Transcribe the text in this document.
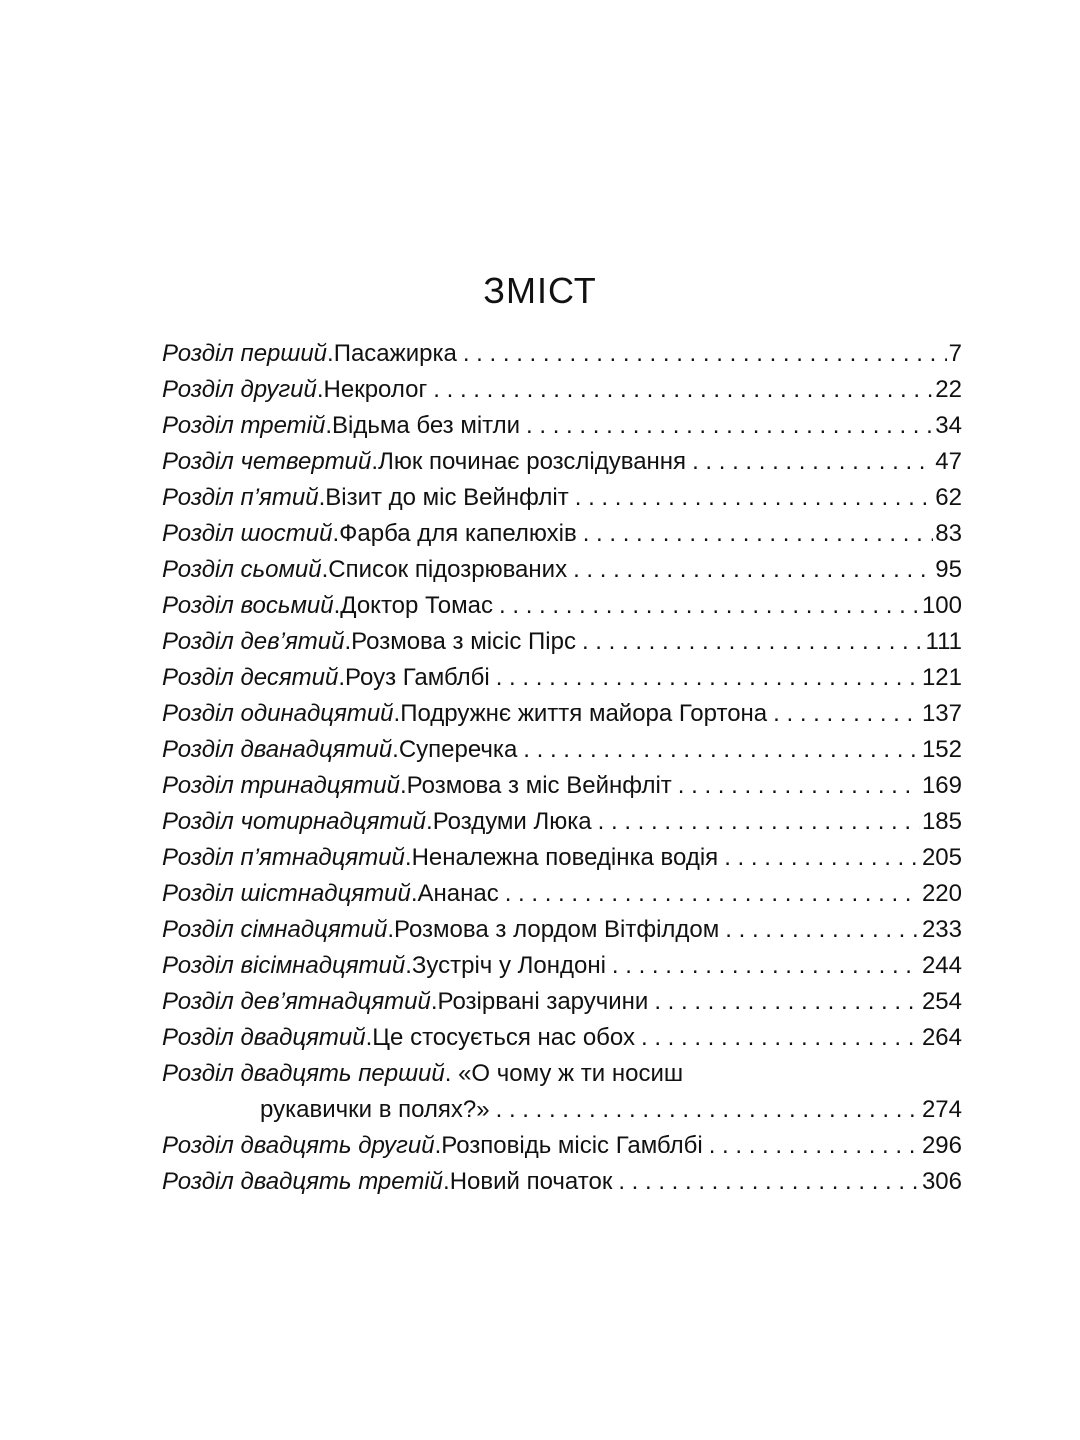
ЗМІСТ
Розділ перший . Пасажирка . . .	7
Розділ другий . Некролог . . .	22
Розділ третій . Відьма без мітли . . .	34
Розділ четвертий . Люк починає розслідування . . .	47
Розділ п’ятий . Візит до міс Вейнфліт . . .	62
Розділ шостий . Фарба для капелюхів . . .	83
Розділ сьомий . Список підозрюваних . . .	95
Розділ восьмий . Доктор Томас . . .	100
Розділ дев’ятий . Розмова з місіс Пірс . . .	111
Розділ десятий . Роуз Гамблбі . . .	121
Розділ одинадцятий . Подружнє життя майора Гортона . . .	137
Розділ дванадцятий . Суперечка . . .	152
Розділ тринадцятий . Розмова з міс Вейнфліт . . .	169
Розділ чотирнадцятий . Роздуми Люка . . .	185
Розділ п’ятнадцятий . Неналежна поведінка водія . . .	205
Розділ шістнадцятий . Ананас . . .	220
Розділ сімнадцятий . Розмова з лордом Вітфілдом . . .	233
Розділ вісімнадцятий . Зустріч у Лондоні . . .	244
Розділ дев’ятнадцятий . Розірвані заручини . . .	254
Розділ двадцятий . Це стосується нас обох . . .	264
Розділ двадцять перший. «О чому ж ти носиш
рукавички в полях?» . . .	274
Розділ двадцять другий . Розповідь місіс Гамблбі . . .	296
Розділ двадцять третій . Новий початок . . .	306
